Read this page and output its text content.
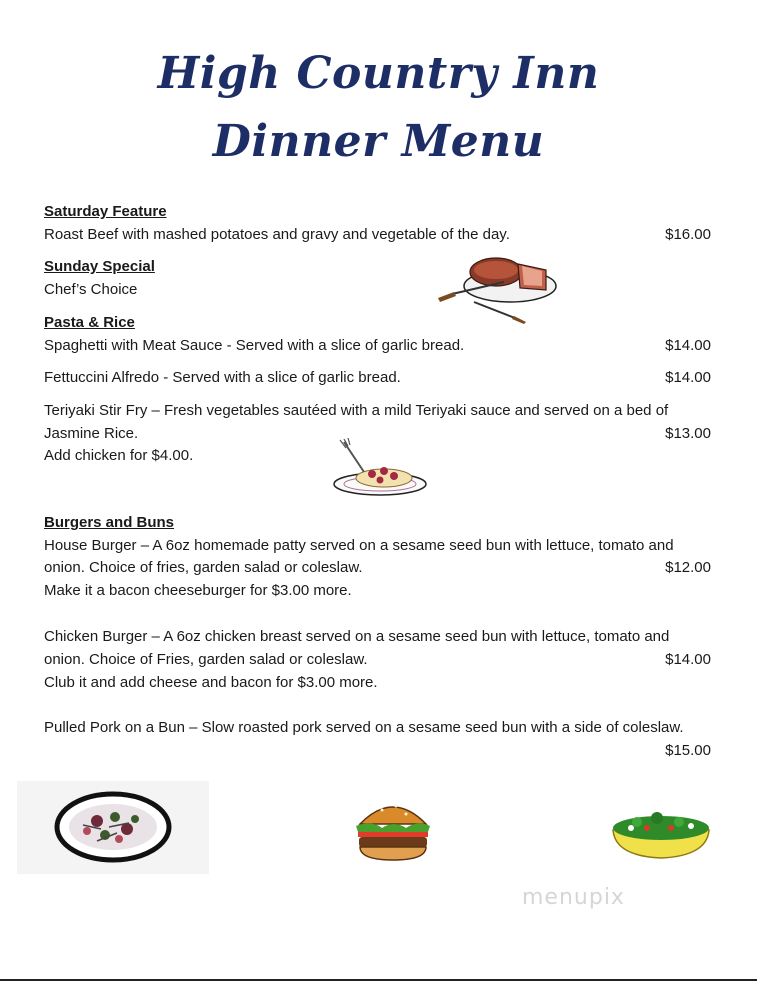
High Country Inn
Dinner Menu
Saturday Feature
Roast Beef with mashed potatoes and gravy and vegetable of the day.	$16.00
Sunday Special
Chef’s Choice
Pasta & Rice
Spaghetti with Meat Sauce - Served with a slice of garlic bread.	$14.00
Fettuccini Alfredo - Served with a slice of garlic bread.	$14.00
Teriyaki Stir Fry – Fresh vegetables sautéed with a mild Teriyaki sauce and served on a bed of
Jasmine Rice.	$13.00
Add chicken for $4.00.
Burgers and Buns
House Burger – A 6oz homemade patty served on a sesame seed bun with lettuce, tomato and
onion. Choice of fries, garden salad or coleslaw.	$12.00
Make it a bacon cheeseburger for $3.00 more.
Chicken Burger – A 6oz chicken breast served on a sesame seed bun with lettuce, tomato and
onion. Choice of Fries, garden salad or coleslaw.	$14.00
Club it and add cheese and bacon for $3.00 more.
Pulled Pork on a Bun – Slow roasted pork served on a sesame seed bun with a side of coleslaw.
$15.00
menupix
